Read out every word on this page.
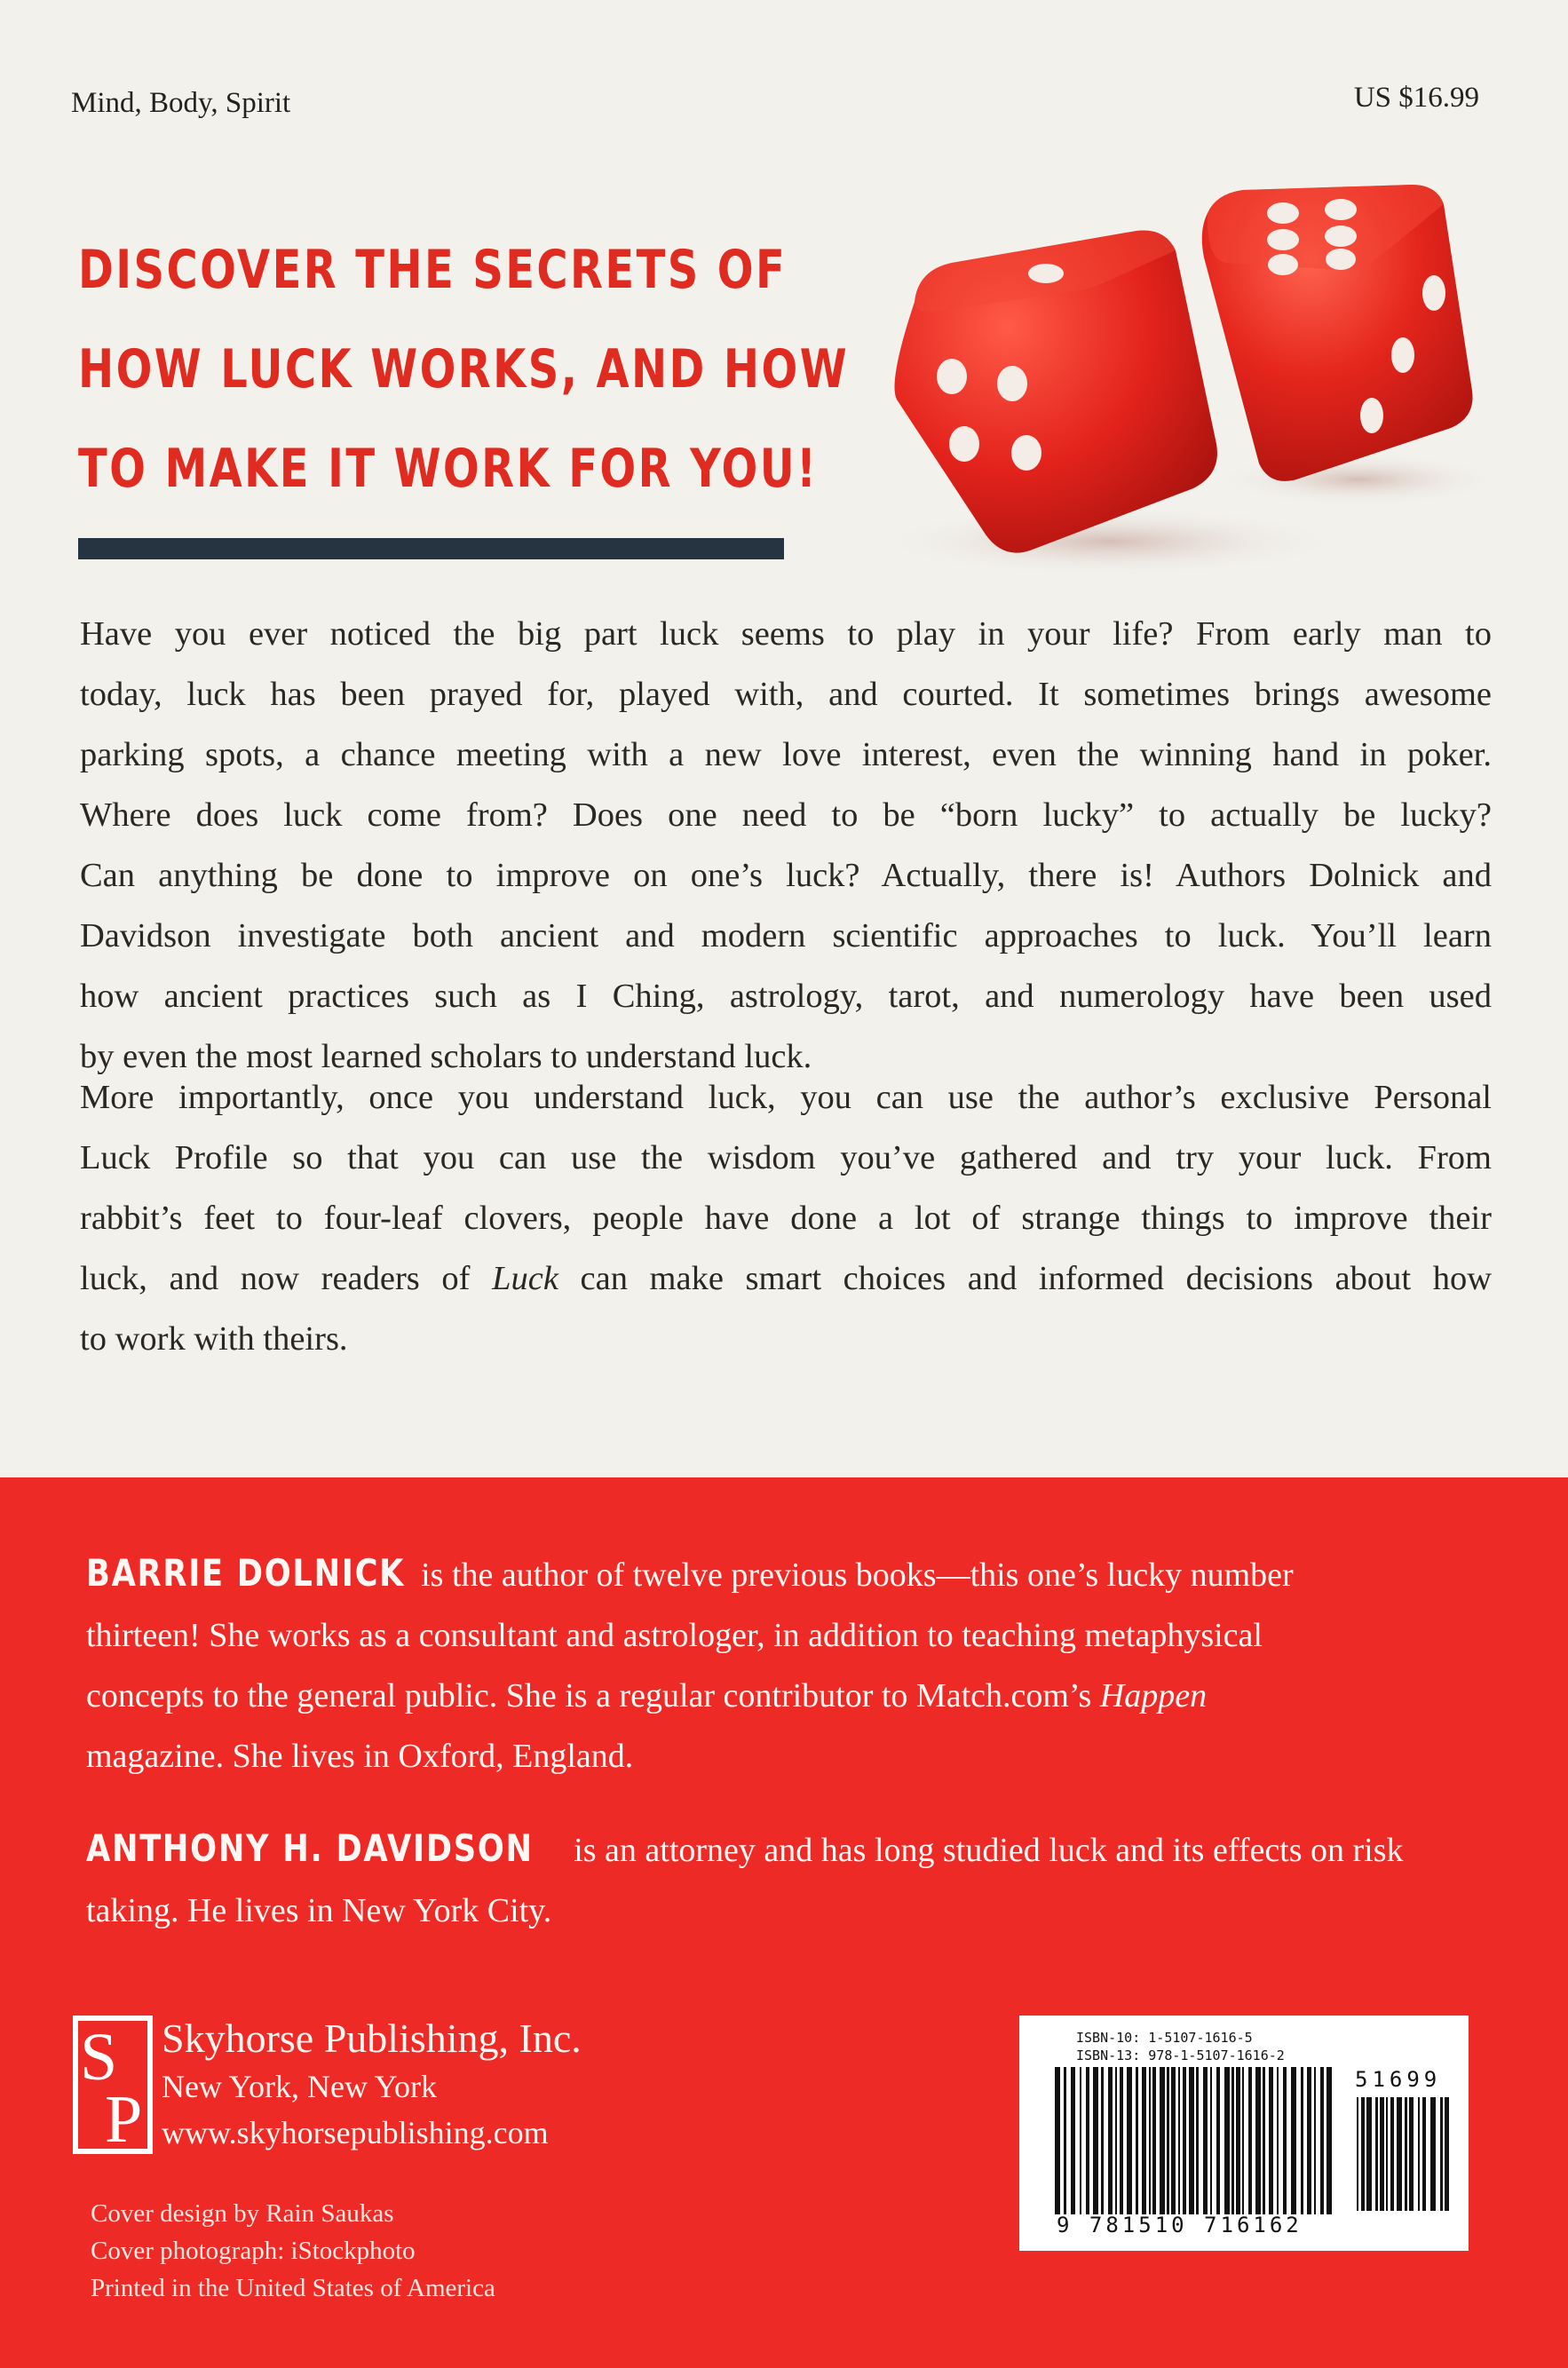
Mind, Body, Spirit	US $16.99
DISCOVER THE SECRETS OF
HOW LUCK WORKS, AND HOW
TO MAKE IT WORK FOR YOU!
Have you ever noticed the big part luck seems to play in your life? From early man to
today, luck has been prayed for, played with, and courted. It sometimes brings awesome
parking spots, a chance meeting with a new love interest, even the winning hand in poker.
Where does luck come from? Does one need to be “born lucky” to actually be lucky?
Can anything be done to improve on one’s luck? Actually, there is! Authors Dolnick and
Davidson investigate both ancient and modern scientific approaches to luck. You’ll learn
how ancient practices such as I Ching, astrology, tarot, and numerology have been used
by even the most learned scholars to understand luck.
More importantly, once you understand luck, you can use the author’s exclusive Personal
Luck Profile so that you can use the wisdom you’ve gathered and try your luck. From
rabbit’s feet to four-leaf clovers, people have done a lot of strange things to improve their
luck, and now readers of Luck can make smart choices and informed decisions about how
to work with theirs.
BARRIE DOLNICK is the author of twelve previous books—this one’s lucky number
thirteen! She works as a consultant and astrologer, in addition to teaching metaphysical
concepts to the general public. She is a regular contributor to Match.com’s Happen
magazine. She lives in Oxford, England.
ANTHONY H. DAVIDSON is an attorney and has long studied luck and its effects on risk
taking. He lives in New York City.
S
P
Skyhorse Publishing, Inc.
New York, New York
www.skyhorsepublishing.com
Cover design by Rain Saukas
Cover photograph: iStockphoto
Printed in the United States of America
ISBN-10: 1-5107-1616-5
ISBN-13: 978-1-5107-1616-2
51699
9 781510 716162
